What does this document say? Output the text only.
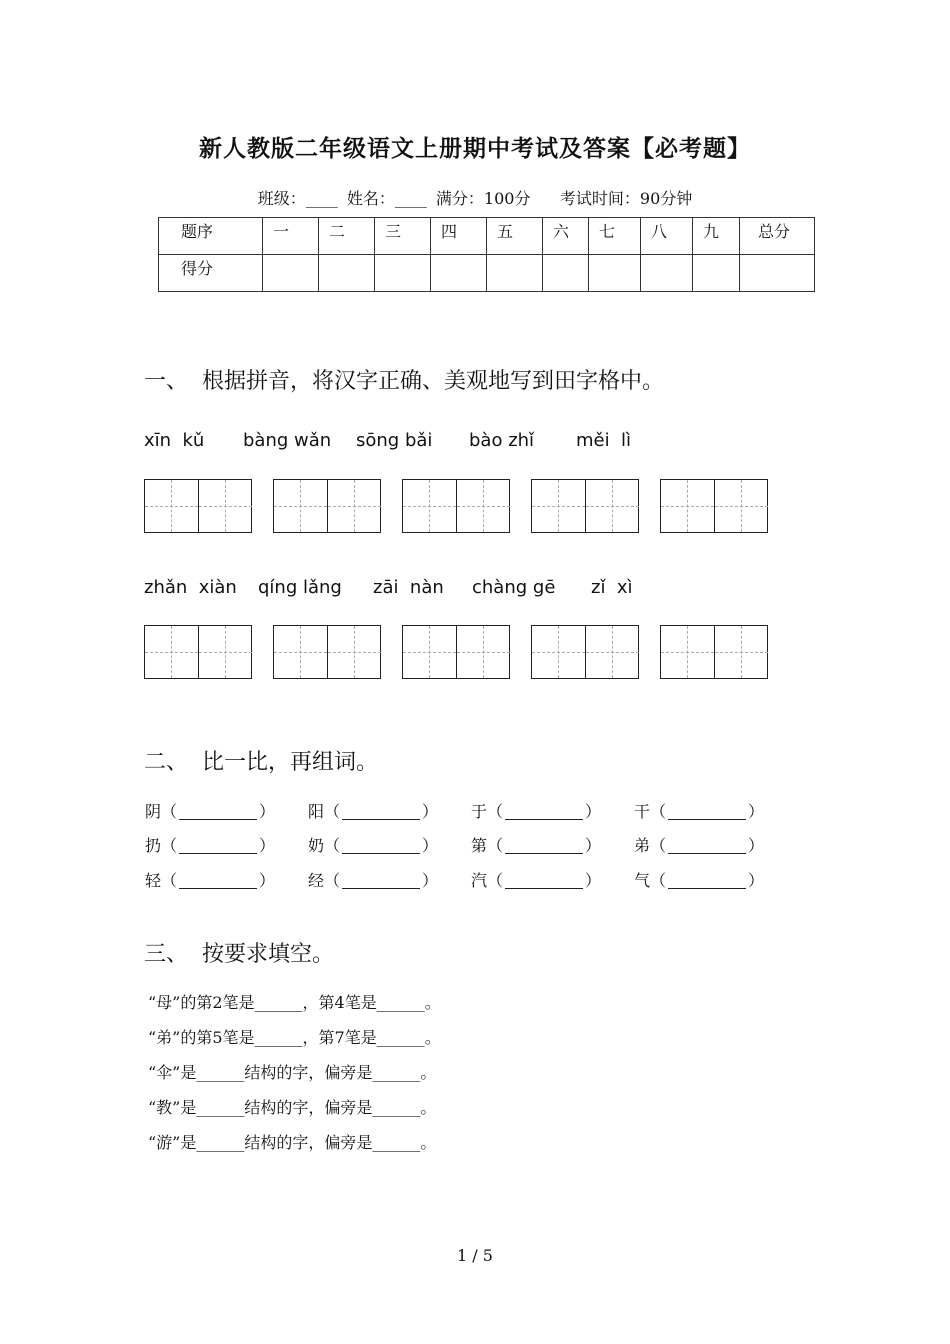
新人教版二年级语文上册期中考试及答案【必考题】
班级：____ 姓名：____ 满分：100分 考试时间：90分钟
题序	一	二	三	四	五	六	七	八	九	总分
得分										
一、  根据拼音，将汉字正确、美观地写到田字格中。
xīn  kǔ bàng wǎn sōng bǎi bào zhǐ měi  lì
zhǎn  xiàn qíng lǎng zāi  nàn chàng gē zǐ  xì
二、  比一比，再组词。
阴（	） 阳（	） 于（	） 干（	）
扔（	） 奶（	） 第（	） 弟（	）
轻（	） 经（	） 汽（	） 气（	）
三、  按要求填空。
“母”的第2笔是______，第4笔是______。
“弟”的第5笔是______，第7笔是______。
“伞”是______结构的字，偏旁是______。
“教”是______结构的字，偏旁是______。
“游”是______结构的字，偏旁是______。
1 / 5
